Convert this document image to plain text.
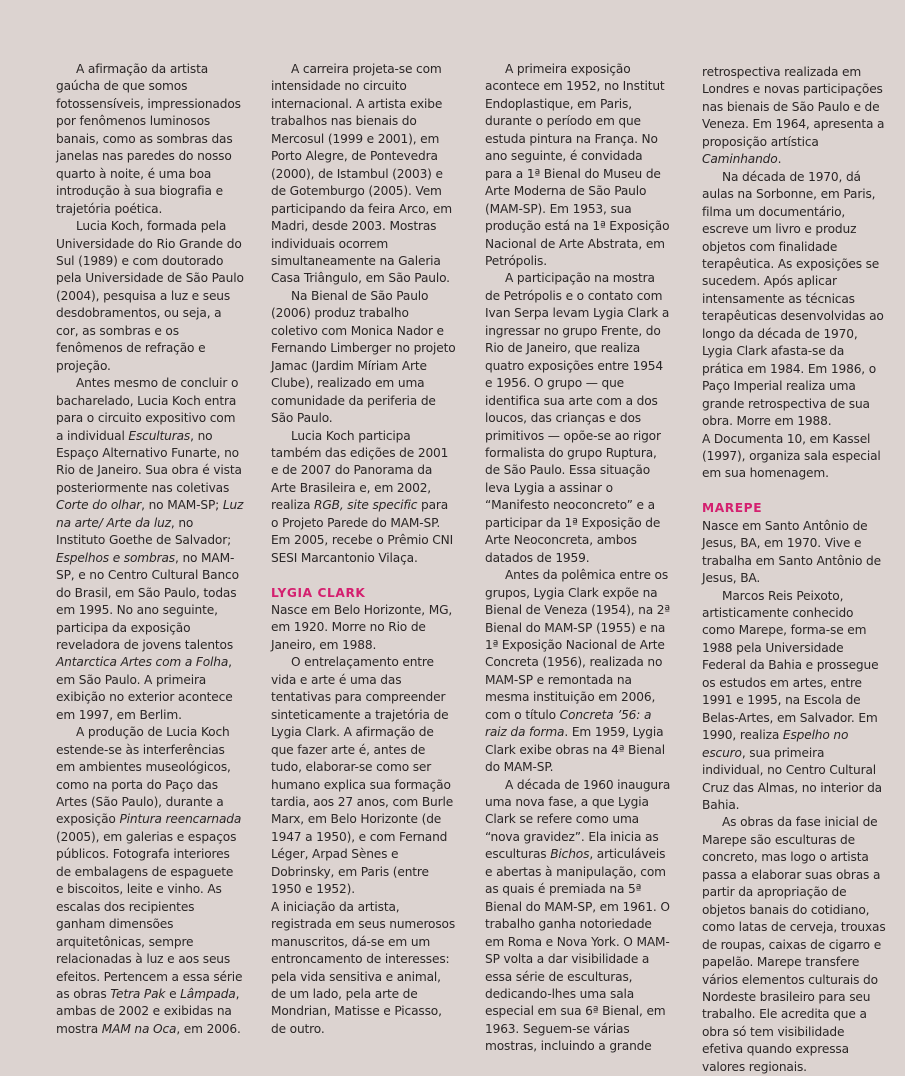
A afirmação da artista gaúcha de que somos fotossensíveis, impressionados por fenômenos luminosos banais, como as sombras das janelas nas paredes do nosso quarto à noite, é uma boa introdução à sua biografia e trajetória poética.

Lucia Koch, formada pela Universidade do Rio Grande do Sul (1989) e com doutorado pela Universidade de São Paulo (2004), pesquisa a luz e seus desdobramentos, ou seja, a cor, as sombras e os fenômenos de refração e projeção.

Antes mesmo de concluir o bacharelado, Lucia Koch entra para o circuito expositivo com a individual Esculturas, no Espaço Alternativo Funarte, no Rio de Janeiro. Sua obra é vista posteriormente nas coletivas Corte do olhar, no MAM-SP; Luz na arte/ Arte da luz, no Instituto Goethe de Salvador; Espelhos e sombras, no MAM-SP, e no Centro Cultural Banco do Brasil, em São Paulo, todas em 1995. No ano seguinte, participa da exposição reveladora de jovens talentos Antarctica Artes com a Folha, em São Paulo. A primeira exibição no exterior acontece em 1997, em Berlim.

A produção de Lucia Koch estende-se às interferências em ambientes museológicos, como na porta do Paço das Artes (São Paulo), durante a exposição Pintura reencarnada (2005), em galerias e espaços públicos. Fotografa interiores de embalagens de espaguete e biscoitos, leite e vinho. As escalas dos recipientes ganham dimensões arquitetônicas, sempre relacionadas à luz e aos seus efeitos. Pertencem a essa série as obras Tetra Pak e Lâmpada, ambas de 2002 e exibidas na mostra MAM na Oca, em 2006.

A carreira projeta-se com intensidade no circuito internacional. A artista exibe trabalhos nas bienais do Mercosul (1999 e 2001), em Porto Alegre, de Pontevedra (2000), de Istambul (2003) e de Gotemburgo (2005). Vem participando da feira Arco, em Madri, desde 2003. Mostras individuais ocorrem simultaneamente na Galeria Casa Triângulo, em São Paulo.

Na Bienal de São Paulo (2006) produz trabalho coletivo com Monica Nador e Fernando Limberger no projeto Jamac (Jardim Míriam Arte Clube), realizado em uma comunidade da periferia de São Paulo.

Lucia Koch participa também das edições de 2001 e de 2007 do Panorama da Arte Brasileira e, em 2002, realiza RGB, site specific para o Projeto Parede do MAM-SP. Em 2005, recebe o Prêmio CNI SESI Marcantonio Vilaça.

LYGIA CLARK

Nasce em Belo Horizonte, MG, em 1920. Morre no Rio de Janeiro, em 1988.

O entrelaçamento entre vida e arte é uma das tentativas para compreender sinteticamente a trajetória de Lygia Clark. A afirmação de que fazer arte é, antes de tudo, elaborar-se como ser humano explica sua formação tardia, aos 27 anos, com Burle Marx, em Belo Horizonte (de 1947 a 1950), e com Fernand Léger, Arpad Sènes e Dobrinsky, em Paris (entre 1950 e 1952).

A iniciação da artista, registrada em seus numerosos manuscritos, dá-se em um entroncamento de interesses: pela vida sensitiva e animal, de um lado, pela arte de Mondrian, Matisse e Picasso, de outro.

A primeira exposição acontece em 1952, no Institut Endoplastique, em Paris, durante o período em que estuda pintura na França. No ano seguinte, é convidada para a 1ª Bienal do Museu de Arte Moderna de São Paulo (MAM-SP). Em 1953, sua produção está na 1ª Exposição Nacional de Arte Abstrata, em Petrópolis.

A participação na mostra de Petrópolis e o contato com Ivan Serpa levam Lygia Clark a ingressar no grupo Frente, do Rio de Janeiro, que realiza quatro exposições entre 1954 e 1956. O grupo — que identifica sua arte com a dos loucos, das crianças e dos primitivos — opõe-se ao rigor formalista do grupo Ruptura, de São Paulo. Essa situação leva Lygia a assinar o “Manifesto neoconcreto” e a participar da 1ª Exposição de Arte Neoconcreta, ambos datados de 1959.

Antes da polêmica entre os grupos, Lygia Clark expõe na Bienal de Veneza (1954), na 2ª Bienal do MAM-SP (1955) e na 1ª Exposição Nacional de Arte Concreta (1956), realizada no MAM-SP e remontada na mesma instituição em 2006, com o título Concreta ’56: a raiz da forma. Em 1959, Lygia Clark exibe obras na 4ª Bienal do MAM-SP.

A década de 1960 inaugura uma nova fase, a que Lygia Clark se refere como uma “nova gravidez”. Ela inicia as esculturas Bichos, articuláveis e abertas à manipulação, com as quais é premiada na 5ª Bienal do MAM-SP, em 1961. O trabalho ganha notoriedade em Roma e Nova York. O MAM-SP volta a dar visibilidade a essa série de esculturas, dedicando-lhes uma sala especial em sua 6ª Bienal, em 1963. Seguem-se várias mostras, incluindo a grande

retrospectiva realizada em Londres e novas participações nas bienais de São Paulo e de Veneza. Em 1964, apresenta a proposição artística Caminhando.

Na década de 1970, dá aulas na Sorbonne, em Paris, filma um documentário, escreve um livro e produz objetos com finalidade terapêutica. As exposições se sucedem. Após aplicar intensamente as técnicas terapêuticas desenvolvidas ao longo da década de 1970, Lygia Clark afasta-se da prática em 1984. Em 1986, o Paço Imperial realiza uma grande retrospectiva de sua obra. Morre em 1988.

A Documenta 10, em Kassel (1997), organiza sala especial em sua homenagem.

MAREPE

Nasce em Santo Antônio de Jesus, BA, em 1970. Vive e trabalha em Santo Antônio de Jesus, BA.

Marcos Reis Peixoto, artisticamente conhecido como Marepe, forma-se em 1988 pela Universidade Federal da Bahia e prossegue os estudos em artes, entre 1991 e 1995, na Escola de Belas-Artes, em Salvador. Em 1990, realiza Espelho no escuro, sua primeira individual, no Centro Cultural Cruz das Almas, no interior da Bahia.

As obras da fase inicial de Marepe são esculturas de concreto, mas logo o artista passa a elaborar suas obras a partir da apropriação de objetos banais do cotidiano, como latas de cerveja, trouxas de roupas, caixas de cigarro e papelão. Marepe transfere vários elementos culturais do Nordeste brasileiro para seu trabalho. Ele acredita que a obra só tem visibilidade efetiva quando expressa valores regionais.
